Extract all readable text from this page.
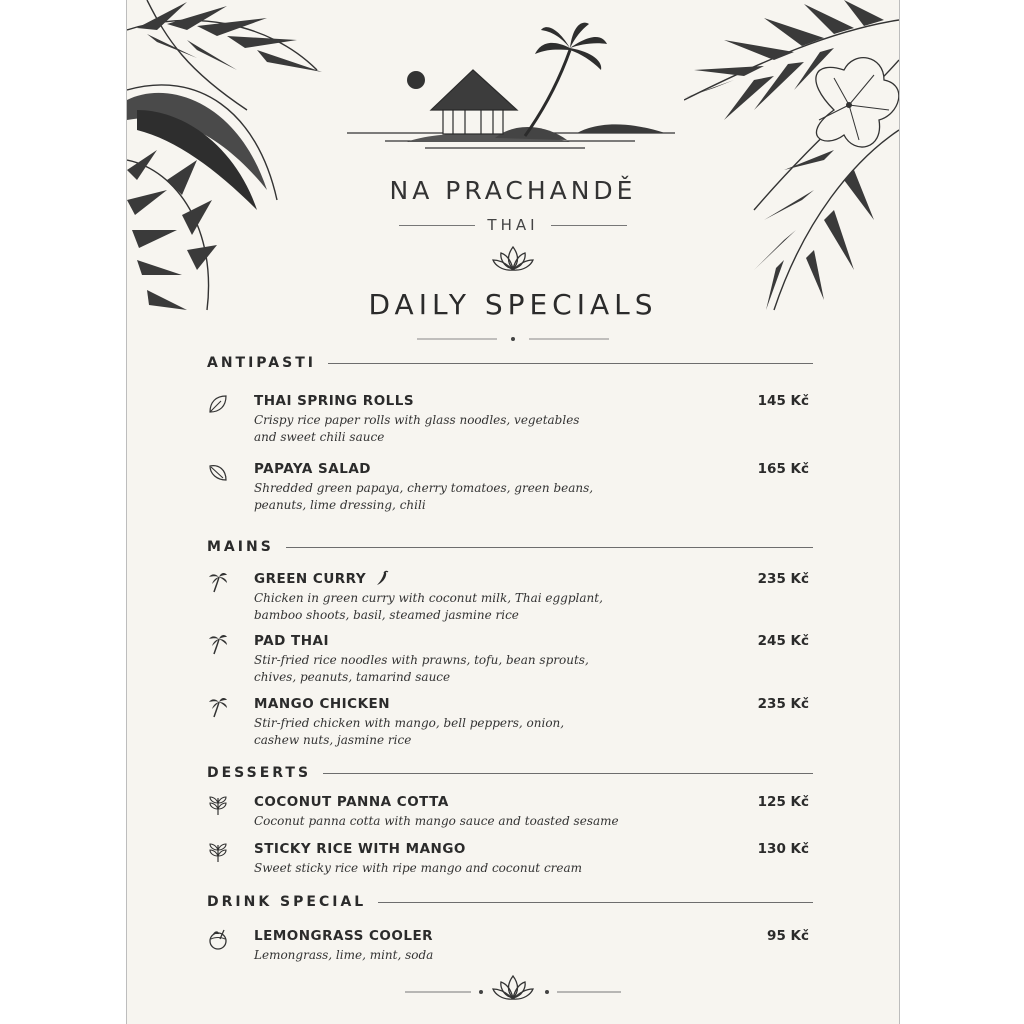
NA PRACHANDĚ
THAI
DAILY SPECIALS
ANTIPASTI
THAI SPRING ROLLS	145 Kč
Crispy rice paper rolls with glass noodles, vegetables
and sweet chili sauce
PAPAYA SALAD	165 Kč
Shredded green papaya, cherry tomatoes, green beans,
peanuts, lime dressing, chili
MAINS
GREEN CURRY	235 Kč
Chicken in green curry with coconut milk, Thai eggplant,
bamboo shoots, basil, steamed jasmine rice
PAD THAI	245 Kč
Stir-fried rice noodles with prawns, tofu, bean sprouts,
chives, peanuts, tamarind sauce
MANGO CHICKEN	235 Kč
Stir-fried chicken with mango, bell peppers, onion,
cashew nuts, jasmine rice
DESSERTS
COCONUT PANNA COTTA	125 Kč
Coconut panna cotta with mango sauce and toasted sesame
STICKY RICE WITH MANGO	130 Kč
Sweet sticky rice with ripe mango and coconut cream
DRINK SPECIAL
LEMONGRASS COOLER	95 Kč
Lemongrass, lime, mint, soda
